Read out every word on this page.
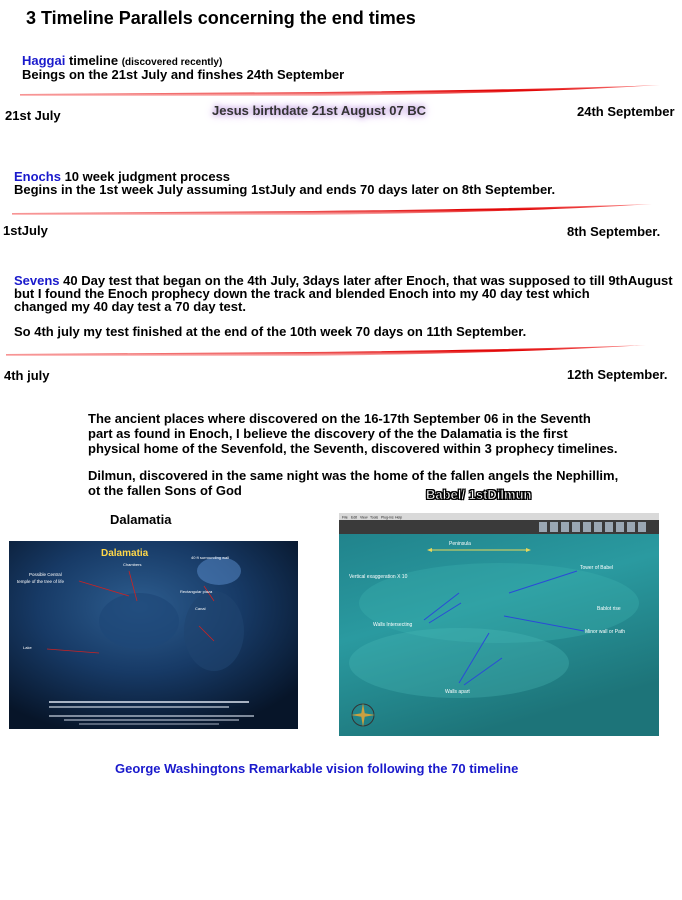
3 Timeline Parallels concerning the end times
Haggai timeline (discovered recently)
Beings on the 21st July and finshes 24th September
21st July	Jesus birthdate 21st August 07 BC	24th September
Enochs 10 week judgment process
Begins in the 1st week July assuming 1stJuly and ends 70 days later on 8th September.
1stJuly	8th September.
Sevens 40 Day test that began on the 4th July, 3days later after Enoch, that was supposed to till 9thAugust
but I found the Enoch prophecy down the track and blended Enoch into my 40 day test which
changed my 40 day test a 70 day test.
So 4th july my test finished at the end of the 10th week 70 days on 11th September.
4th july	12th September.
The ancient places where discovered on the 16-17th September 06 in the Seventh
part as found in Enoch, I believe the discovery of the the Dalamatia is the first
physical home of the Sevenfold, the Seventh, discovered within 3 prophecy timelines.
Dilmun, discovered in the same night was the home of the fallen angels the Nephillim,
ot the fallen Sons of God
Dalamatia
Babel/ 1stDilmun
Dalamatia
Chambers
40 ft surrounding wall
Possible Central
temple of the tree of life
Rectangular plaza
Canal
Lake
File Edit View Tools Plug-ins Help
Peninsula
Vertical exaggeration X 10
Tower of Babel
Bablot rise
Walls Intersecting
Minor wall or Path
Walls apart
George Washingtons Remarkable vision following the 70 timeline
